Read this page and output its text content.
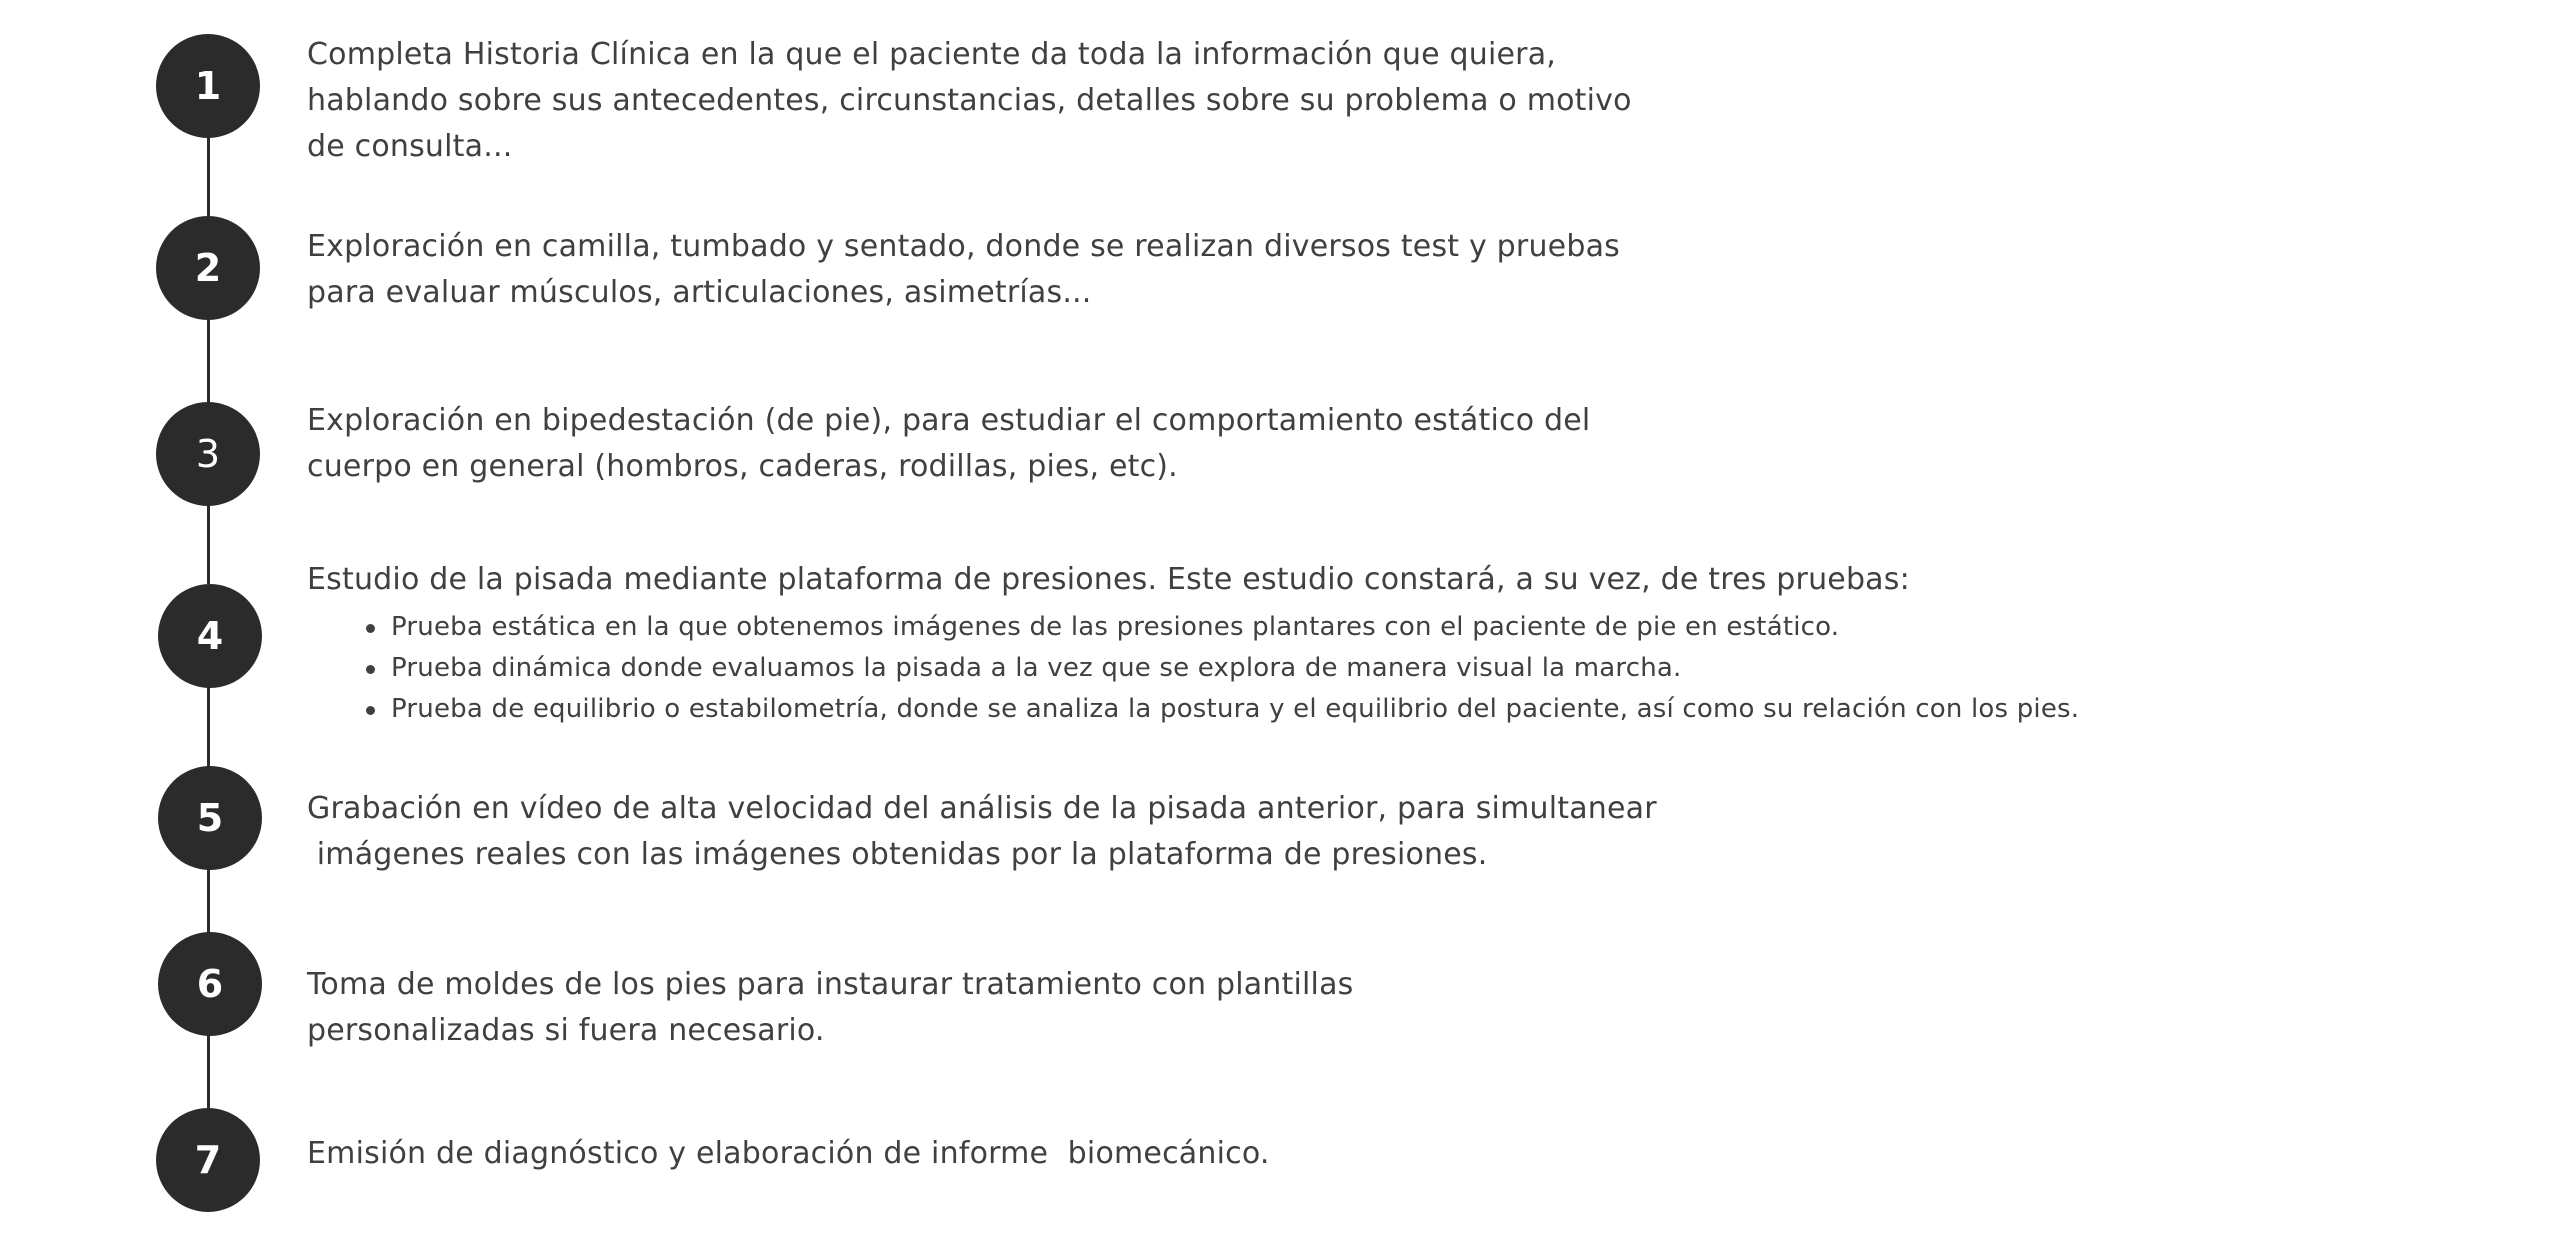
1
Completa Historia Clínica en la que el paciente da toda la información que quiera,
hablando sobre sus antecedentes, circunstancias, detalles sobre su problema o motivo
de consulta...
2	Exploración en camilla, tumbado y sentado, donde se realizan diversos test y pruebas
para evaluar músculos, articulaciones, asimetrías...
3
Exploración en bipedestación (de pie), para estudiar el comportamiento estático del
cuerpo en general (hombros, caderas, rodillas, pies, etc).
4
Estudio de la pisada mediante plataforma de presiones. Este estudio constará, a su vez, de tres pruebas:
Prueba estática en la que obtenemos imágenes de las presiones plantares con el paciente de pie en estático.
Prueba dinámica donde evaluamos la pisada a la vez que se explora de manera visual la marcha.
Prueba de equilibrio o estabilometría, donde se analiza la postura y el equilibrio del paciente, así como su relación con los pies.
5	Grabación en vídeo de alta velocidad del análisis de la pisada anterior, para simultanear
imágenes reales con las imágenes obtenidas por la plataforma de presiones.
6	Toma de moldes de los pies para instaurar tratamiento con plantillas
personalizadas si fuera necesario.
7	Emisión de diagnóstico y elaboración de informe  biomecánico.
